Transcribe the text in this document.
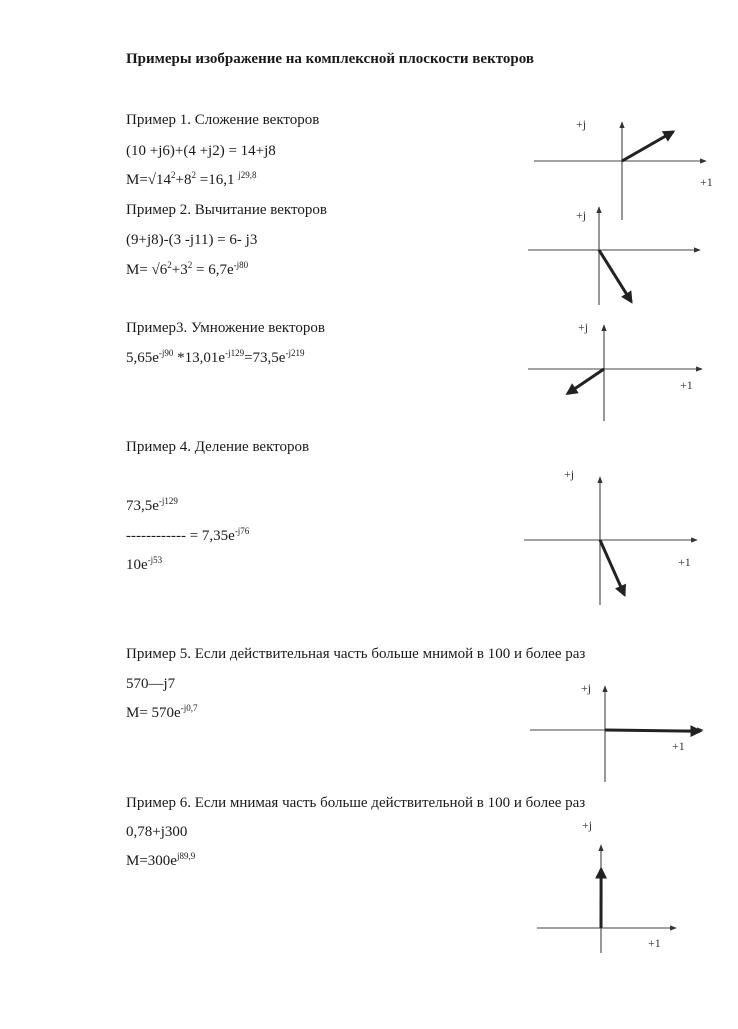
Примеры изображение на комплексной плоскости векторов
Пример 1. Сложение векторов
(10 +j6)+(4 +j2) = 14+j8
$M=√14^2+8^2 =16,1$ $^{j29,8}$
Пример 2. Вычитание векторов
(9+j8)-(3 -j11) = 6- j3
$M= √6^2+3^2 = 6,7e^{-j80}$
Пример3. Умножение векторов
$5,65e^{-j90}$ $*13,01e^{-j129}=73,5e^{-j219}$
Пример 4. Деление векторов
$73,5e^{-j129}$
------------ = $7,35e^{-j76}$
$10e^{-j53}$
Пример 5. Если действительная часть больше мнимой в 100 и более раз
570—j7
$M= 570e^{-j0,7}$
Пример 6. Если мнимая часть больше действительной в 100 и более раз
0,78+j300
$M=300e^{j89,9}$
+j
+1
+j
+j
+1
+j
+1
+j
+1
+j
+1
